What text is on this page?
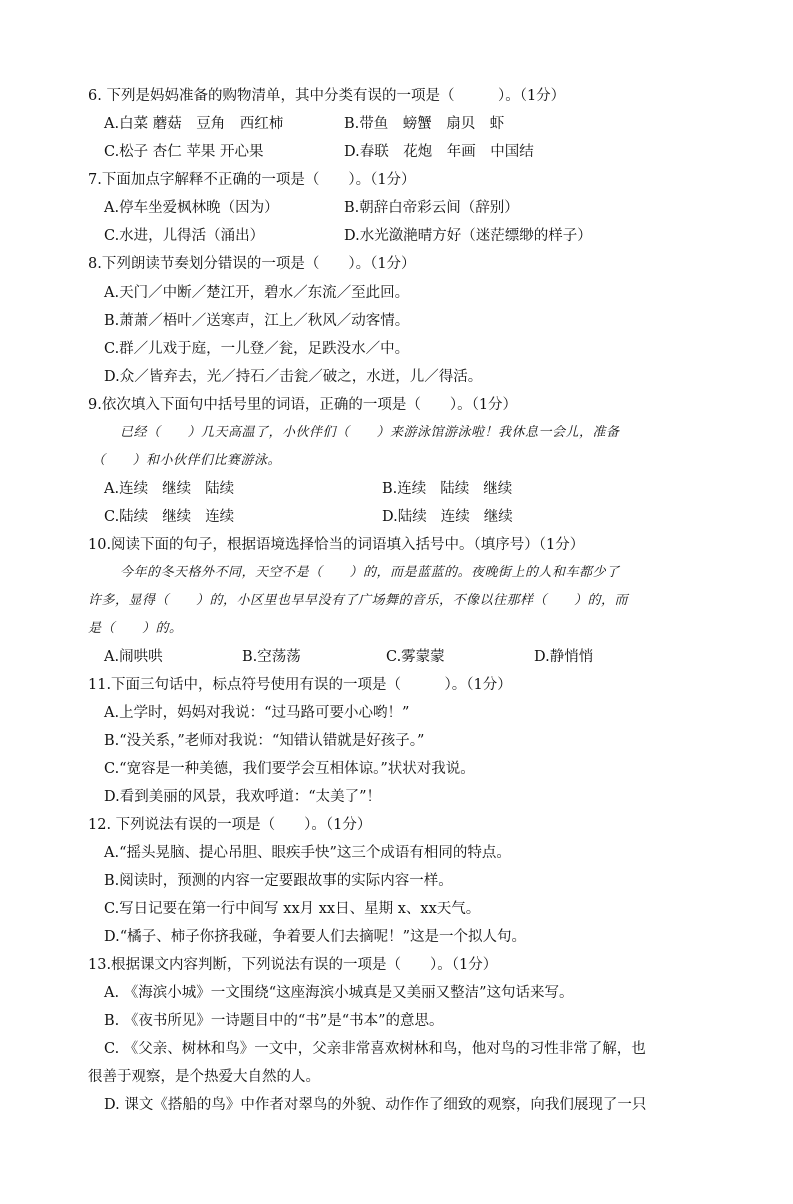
6. 下列是妈妈准备的购物清单，其中分类有误的一项是（　　　）。（1分）
A.白菜 蘑菇　豆角　西红柿	B.带鱼　螃蟹　扇贝　虾
C.松子 杏仁 苹果 开心果	D.春联　花炮　年画　中国结
7.下面加点字解释不正确的一项是（　　）。（1分）
A.停车坐爱枫林晚（因为）	B.朝辞白帝彩云间（辞别）
C.水进，儿得活（涌出）	D.水光潋滟晴方好（迷茫缥缈的样子）
8.下列朗读节奏划分错误的一项是（　　）。（1分）
A.天门／中断／楚江开，碧水／东流／至此回。
B.萧萧／梧叶／送寒声，江上／秋风／动客情。
C.群／儿戏于庭，一儿登／瓮，足跌没水／中。
D.众／皆弃去，光／持石／击瓮／破之，水迸，儿／得活。
9.依次填入下面句中括号里的词语，正确的一项是（　　）。（1分）
已经（　　）几天高温了，小伙伴们（　　）来游泳馆游泳啦！我休息一会儿，准备
（　　）和小伙伴们比赛游泳。
A.连续 继续 陆续	B.连续 陆续 继续
C.陆续 继续 连续	D.陆续 连续 继续
10.阅读下面的句子，根据语境选择恰当的词语填入括号中。（填序号）（1分）
今年的冬天格外不同，天空不是（　　）的，而是蓝蓝的。夜晚街上的人和车都少了
许多，显得（　　）的，小区里也早早没有了广场舞的音乐，不像以往那样（　　）的，而
是（　　）的。
A.闹哄哄	B.空荡荡	C.雾蒙蒙	D.静悄悄
11.下面三句话中，标点符号使用有误的一项是（　　　）。（1分）
A.上学时，妈妈对我说：“过马路可要小心哟！”
B.“没关系，”老师对我说：“知错认错就是好孩子。”
C.“宽容是一种美德，我们要学会互相体谅。”状状对我说。
D.看到美丽的风景，我欢呼道：“太美了”！
12. 下列说法有误的一项是（　　）。（1分）
A.“摇头晃脑、提心吊胆、眼疾手快”这三个成语有相同的特点。
B.阅读时，预测的内容一定要跟故事的实际内容一样。
C.写日记要在第一行中间写 xx月 xx日、星期 x、xx天气。
D.“橘子、柿子你挤我碰，争着要人们去摘呢！”这是一个拟人句。
13.根据课文内容判断，下列说法有误的一项是（　　）。（1分）
A. 《海滨小城》一文围绕“这座海滨小城真是又美丽又整洁”这句话来写。
B. 《夜书所见》一诗题目中的“书”是“书本”的意思。
C. 《父亲、树林和鸟》一文中，父亲非常喜欢树林和鸟，他对鸟的习性非常了解，也
很善于观察，是个热爱大自然的人。
D. 课文《搭船的鸟》中作者对翠鸟的外貌、动作作了细致的观察，向我们展现了一只
